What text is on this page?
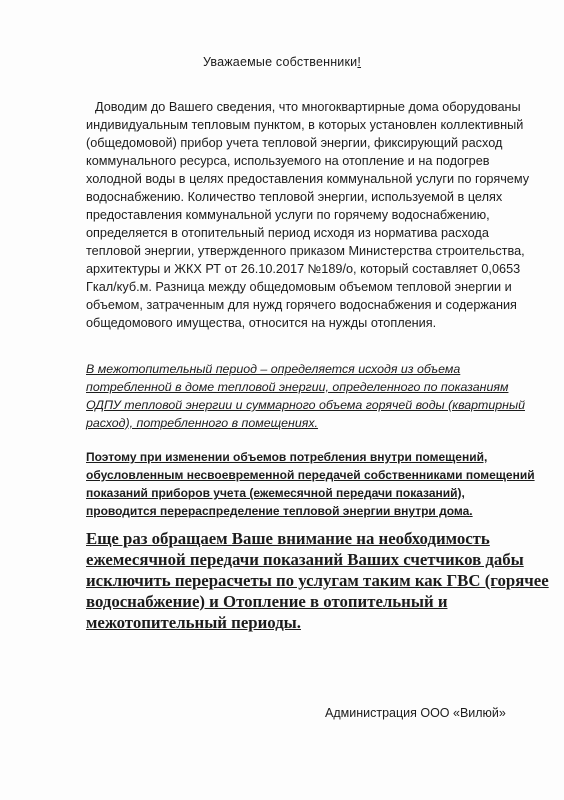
Уважаемые собственники!
Доводим до Вашего сведения, что многоквартирные дома оборудованы
индивидуальным тепловым пунктом, в которых установлен коллективный
(общедомовой) прибор учета тепловой энергии, фиксирующий расход
коммунального ресурса, используемого на отопление и на подогрев
холодной воды в целях предоставления коммунальной услуги по горячему
водоснабжению. Количество тепловой энергии, используемой в целях
предоставления коммунальной услуги по горячему водоснабжению,
определяется в отопительный период исходя из норматива расхода
тепловой энергии, утвержденного приказом Министерства строительства,
архитектуры и ЖКХ РТ от 26.10.2017 №189/о, который составляет 0,0653
Гкал/куб.м. Разница между общедомовым объемом тепловой энергии и
объемом, затраченным для нужд горячего водоснабжения и содержания
общедомового имущества, относится на нужды отопления.
В межотопительный период – определяется исходя из объема
потребленной в доме тепловой энергии, определенного по показаниям
ОДПУ тепловой энергии и суммарного объема горячей воды (квартирный
расход), потребленного в помещениях.
Поэтому при изменении объемов потребления внутри помещений,
обусловленным несвоевременной передачей собственниками помещений
показаний приборов учета (ежемесячной передачи показаний),
проводится перераспределение тепловой энергии внутри дома.
Еще раз обращаем Ваше внимание на необходимость
ежемесячной передачи показаний Ваших счетчиков дабы
исключить перерасчеты по услугам таким как ГВС (горячее
водоснабжение) и Отопление в отопительный и
межотопительный периоды.
Администрация ООО «Вилюй»
